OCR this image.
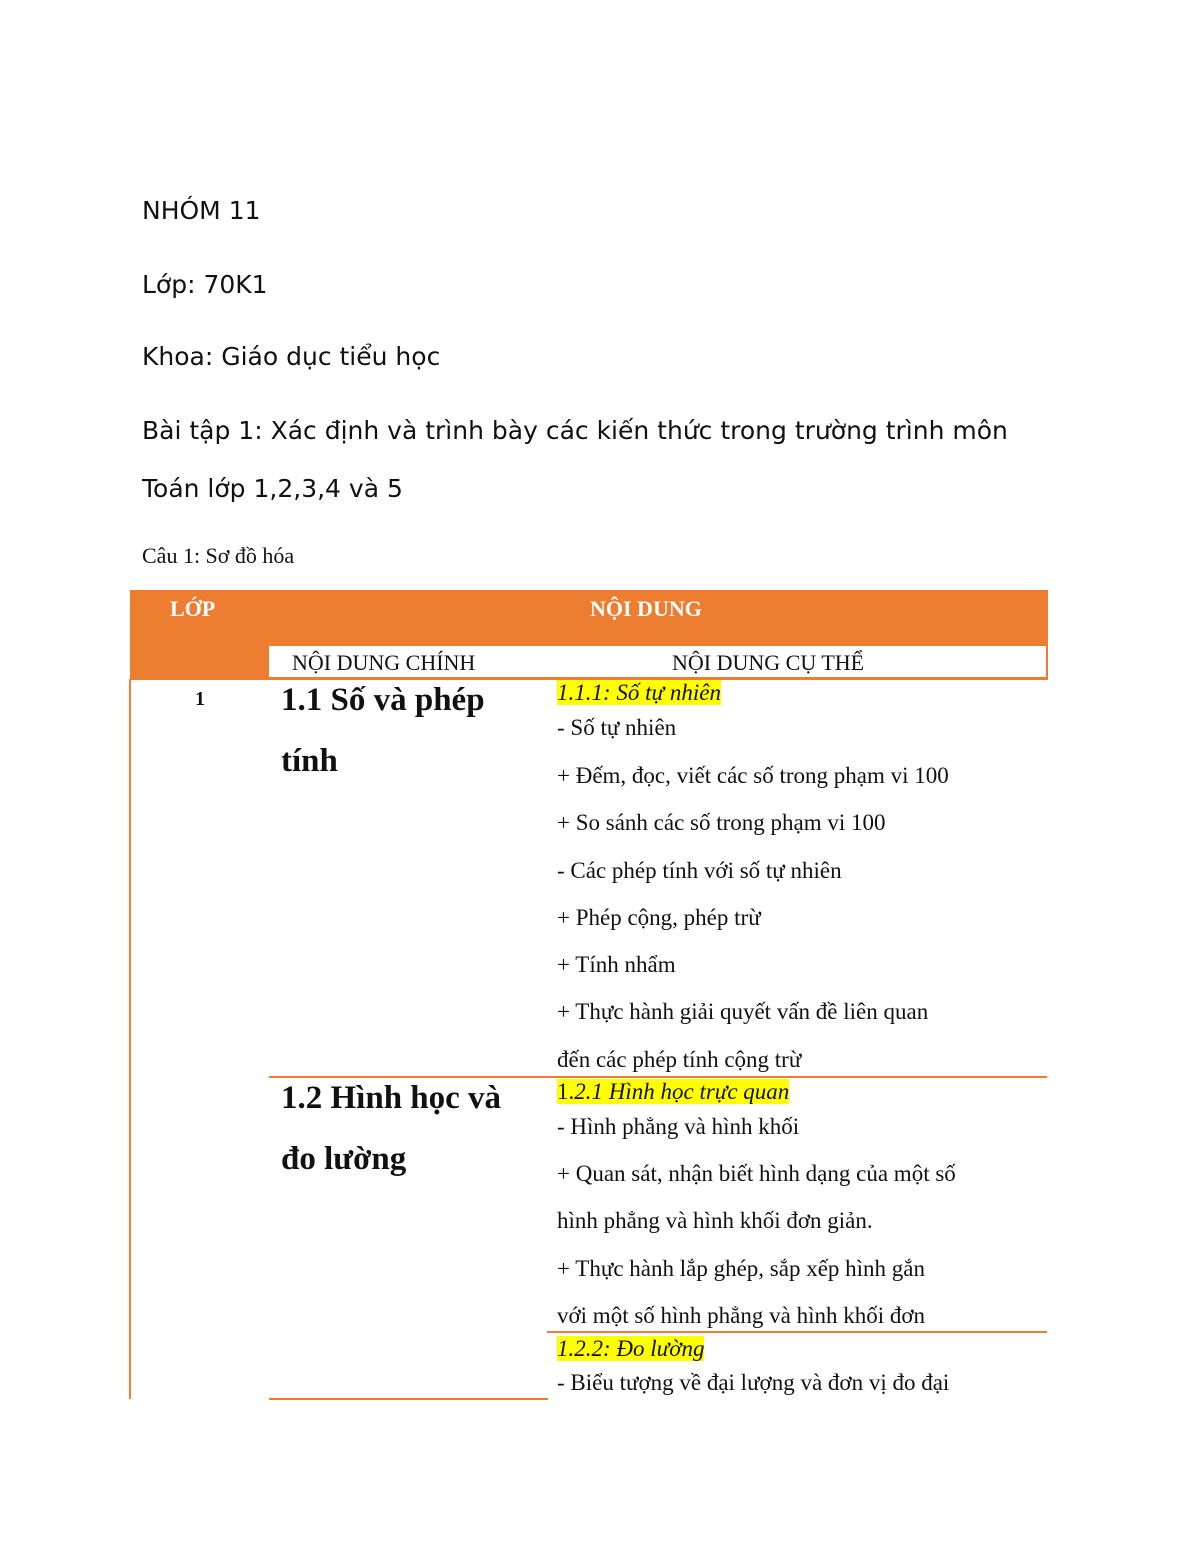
NHÓM 11
Lớp: 70K1
Khoa: Giáo dục tiểu học
Bài tập 1: Xác định và trình bày các kiến thức trong trường trình môn
Toán lớp 1,2,3,4 và 5
Câu 1: Sơ đồ hóa
LỚP	NỘI DUNG
NỘI DUNG CHÍNH	NỘI DUNG CỤ THỂ
1 1.1 Số và phép tính
1.1.1: Số tự nhiên
- Số tự nhiên
+ Đếm, đọc, viết các số trong phạm vi 100
+ So sánh các số trong phạm vi 100
- Các phép tính với số tự nhiên
+ Phép cộng, phép trừ
+ Tính nhẩm
+ Thực hành giải quyết vấn đề liên quan
đến các phép tính cộng trừ
1.2 Hình học và đo lường
1.2.1 Hình học trực quan
- Hình phẳng và hình khối
+ Quan sát, nhận biết hình dạng của một số
hình phẳng và hình khối đơn giản.
+ Thực hành lắp ghép, sắp xếp hình gắn
với một số hình phẳng và hình khối đơn
1.2.2: Đo lường
- Biểu tượng về đại lượng và đơn vị đo đại
